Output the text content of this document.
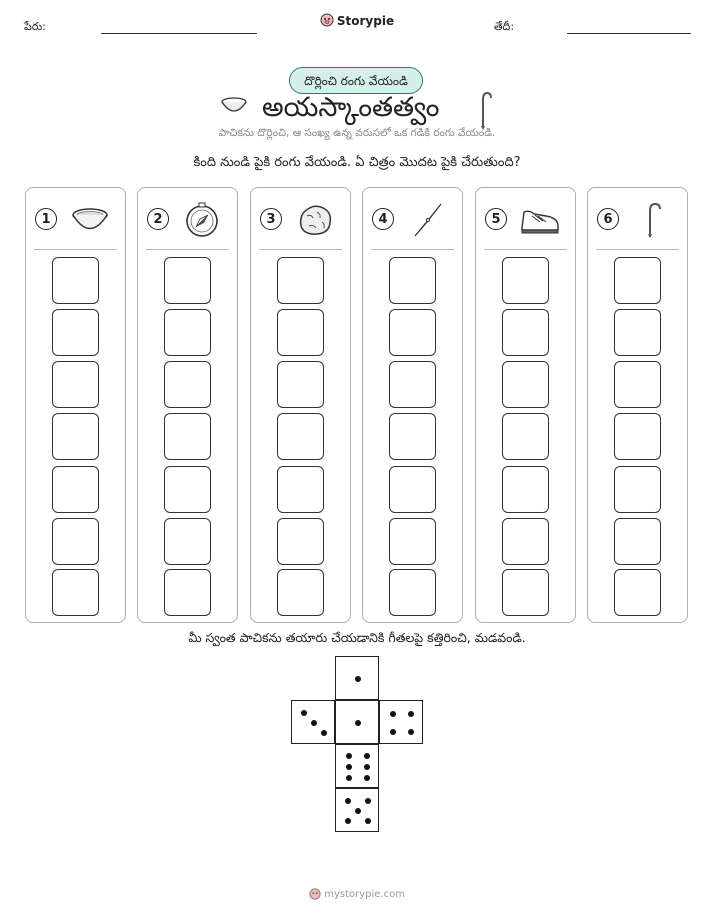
పేరు:	Storypie	తేదీ:
దొర్లించి రంగు వేయండి
అయస్కాంతత్వం
పాచికను దొర్లించి, ఆ సంఖ్య ఉన్న వరుసలో ఒక గడికి రంగు వేయండి.
కింది నుండి పైకి రంగు వేయండి. ఏ చిత్రం మొదట పైకి చేరుతుంది?
1	2	3	4	5	6
మీ స్వంత పాచికను తయారు చేయడానికి గీతలపై కత్తిరించి, మడవండి.
mystorypie.com
